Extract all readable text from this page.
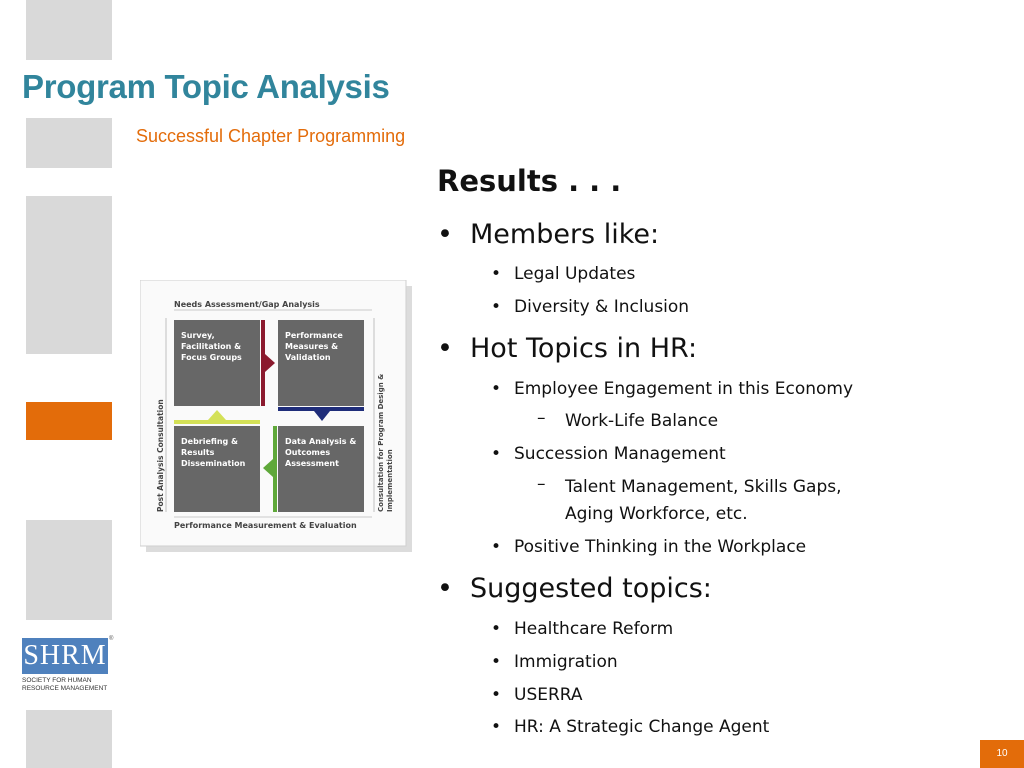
Program Topic Analysis
Successful Chapter Programming
Needs Assessment/Gap Analysis
Performance Measurement & Evaluation
Post Analysis Consultation	Consultation for Program Design & Implementation
Survey,
Facilitation &
Focus Groups
Performance
Measures &
Validation
Debriefing &
Results
Dissemination
Data Analysis &
Outcomes
Assessment
Results . . .
• Members like:
• Legal Updates
• Diversity & Inclusion
• Hot Topics in HR:
• Employee Engagement in this Economy
– Work-Life Balance
• Succession Management
– Talent Management, Skills Gaps,
Aging Workforce, etc.
• Positive Thinking in the Workplace
• Suggested topics:
• Healthcare Reform
• Immigration
• USERRA
• HR: A Strategic Change Agent
SHRM
®
SOCIETY FOR HUMAN
RESOURCE MANAGEMENT
10
